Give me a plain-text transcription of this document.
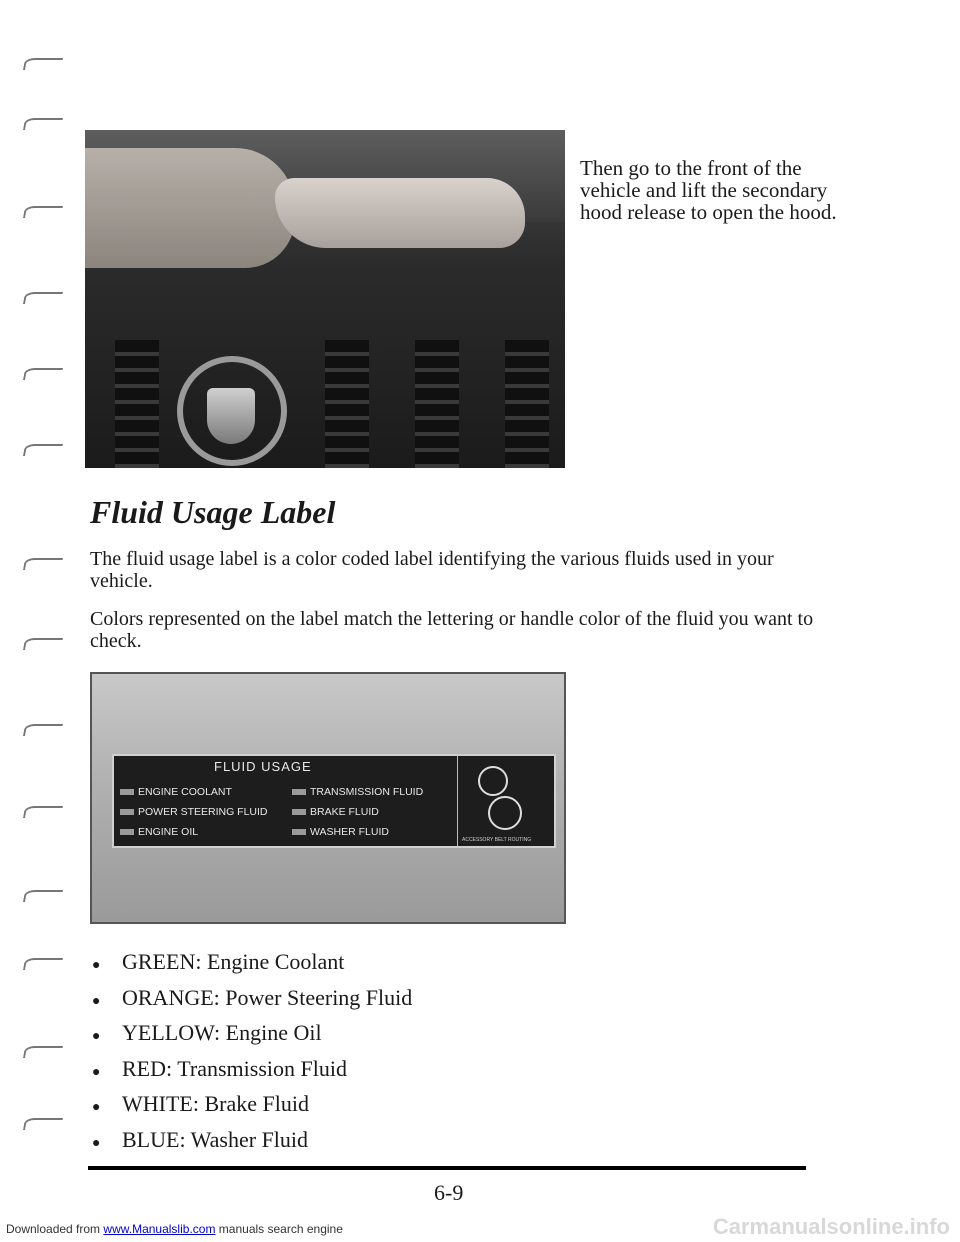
Then go to the front of the vehicle and lift the secondary hood release to open the hood.

Fluid Usage Label

The fluid usage label is a color coded label identifying the various fluids used in your vehicle.

Colors represented on the label match the lettering or handle color of the fluid you want to check.

FLUID USAGE
ENGINE COOLANT
POWER STEERING FLUID
ENGINE OIL
TRANSMISSION FLUID
BRAKE FLUID
WASHER FLUID
ACCESSORY BELT ROUTING
● GREEN: Engine Coolant
● ORANGE: Power Steering Fluid
● YELLOW: Engine Oil
● RED: Transmission Fluid
● WHITE: Brake Fluid
● BLUE: Washer Fluid
6-9
Downloaded from www.Manualslib.com manuals search engine	Carmanualsonline.info
